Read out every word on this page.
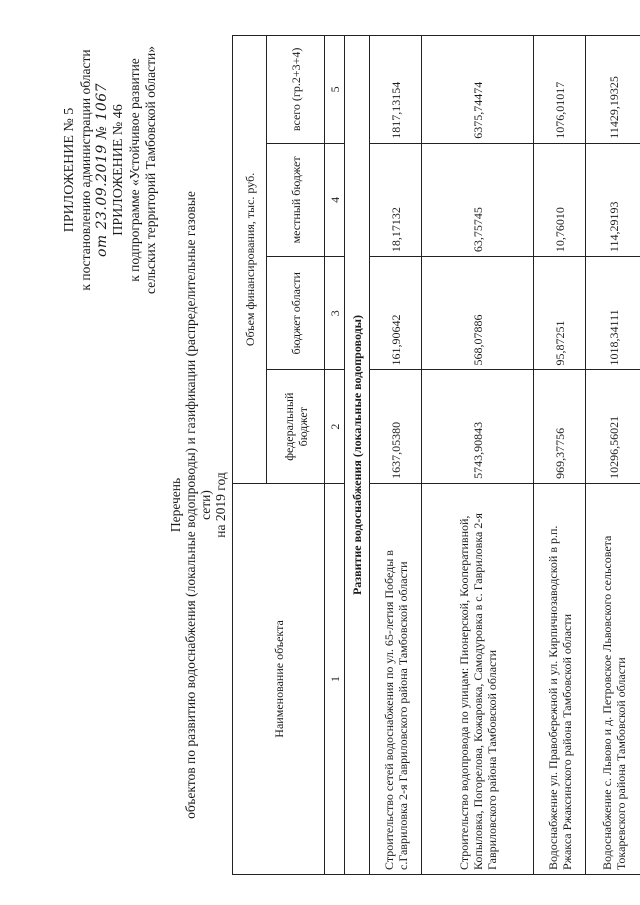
ПРИЛОЖЕНИЕ № 5 к постановлению администрации области от 23.09.2019 № 1067 ПРИЛОЖЕНИЕ № 46 к подпрограмме «Устойчивое развитие сельских территорий Тамбовской области»
Перечень объектов по развитию водоснабжения (локальные водопроводы) и газификации (распределительные газовые сети) на 2019 год
Наименование объекта	Объем финансирования, тыс. руб.			
	федеральный бюджет	бюджет области	местный бюджет	всего (гр.2+3+4)
1	2	3	4	5
Развитие водоснабжения (локальные водопроводы)				
Строительство сетей водоснабжения по ул. 65-летия Победы в с.Гавриловка 2-я Гавриловского района Тамбовской области	1637,05380	161,90642	18,17132	1817,13154
Строительство водопровода по улицам: Пионерской, Кооперативной, Копыловка, Погорелова, Кожаровка, Самодуровка в с. Гавриловка 2-я Гавриловского района Тамбовской области	5743,90843	568,07886	63,75745	6375,74474
Водоснабжение ул. Правобережной и ул. Кирпичнозаводской в р.п. Ржакса Ржаксинского района Тамбовской области	969,37756	95,87251	10,76010	1076,01017
Водоснабжение с. Львово и д. Петровское Львовского сельсовета Токаревского района Тамбовской области	10296,56021	1018,34111	114,29193	11429,19325
